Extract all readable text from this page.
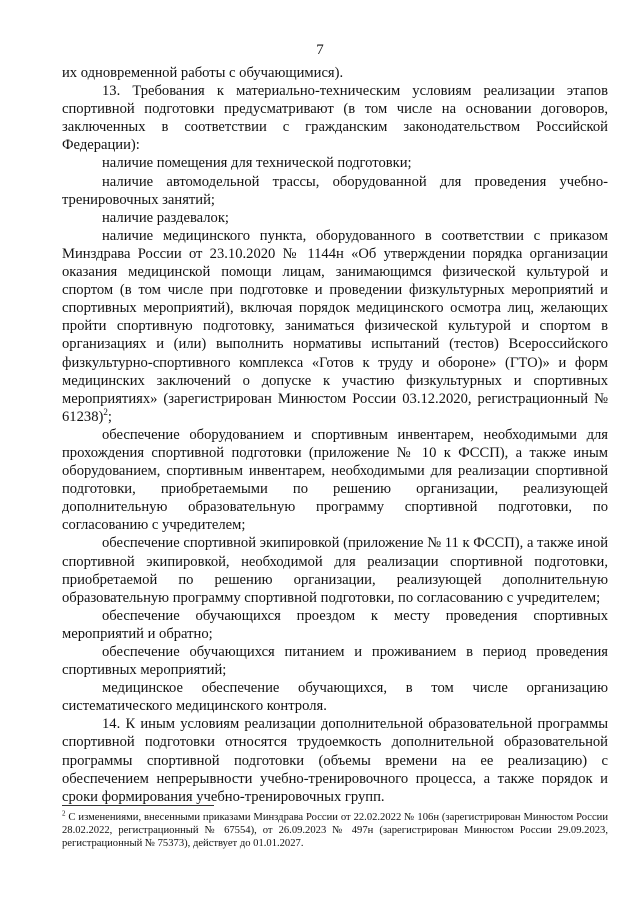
7

их одновременной работы с обучающимися).

13. Требования к материально-техническим условиям реализации этапов спортивной подготовки предусматривают (в том числе на основании договоров, заключенных в соответствии с гражданским законодательством Российской Федерации):

наличие помещения для технической подготовки;

наличие автомодельной трассы, оборудованной для проведения учебно-тренировочных занятий;

наличие раздевалок;

наличие медицинского пункта, оборудованного в соответствии с приказом Минздрава России от 23.10.2020 № 1144н «Об утверждении порядка организации оказания медицинской помощи лицам, занимающимся физической культурой и спортом (в том числе при подготовке и проведении физкультурных мероприятий и спортивных мероприятий), включая порядок медицинского осмотра лиц, желающих пройти спортивную подготовку, заниматься физической культурой и спортом в организациях и (или) выполнить нормативы испытаний (тестов) Всероссийского физкультурно-спортивного комплекса «Готов к труду и обороне» (ГТО)» и форм медицинских заключений о допуске к участию физкультурных и спортивных мероприятиях» (зарегистрирован Минюстом России 03.12.2020, регистрационный № 61238)$^2$;

обеспечение оборудованием и спортивным инвентарем, необходимыми для прохождения спортивной подготовки (приложение № 10 к ФССП), а также иным оборудованием, спортивным инвентарем, необходимыми для реализации спортивной подготовки, приобретаемыми по решению организации, реализующей дополнительную образовательную программу спортивной подготовки, по согласованию с учредителем;

обеспечение спортивной экипировкой (приложение № 11 к ФССП), а также иной спортивной экипировкой, необходимой для реализации спортивной подготовки, приобретаемой по решению организации, реализующей дополнительную образовательную программу спортивной подготовки, по согласованию с учредителем;

обеспечение обучающихся проездом к месту проведения спортивных мероприятий и обратно;

обеспечение обучающихся питанием и проживанием в период проведения спортивных мероприятий;

медицинское обеспечение обучающихся, в том числе организацию систематического медицинского контроля.

14. К иным условиям реализации дополнительной образовательной программы спортивной подготовки относятся трудоемкость дополнительной образовательной программы спортивной подготовки (объемы времени на ее реализацию) с обеспечением непрерывности учебно-тренировочного процесса, а также порядок и сроки формирования учебно-тренировочных групп.

$^2$ С изменениями, внесенными приказами Минздрава России от 22.02.2022 № 106н (зарегистрирован Минюстом России 28.02.2022, регистрационный № 67554), от 26.09.2023 № 497н (зарегистрирован Минюстом России 29.09.2023, регистрационный № 75373), действует до 01.01.2027.
